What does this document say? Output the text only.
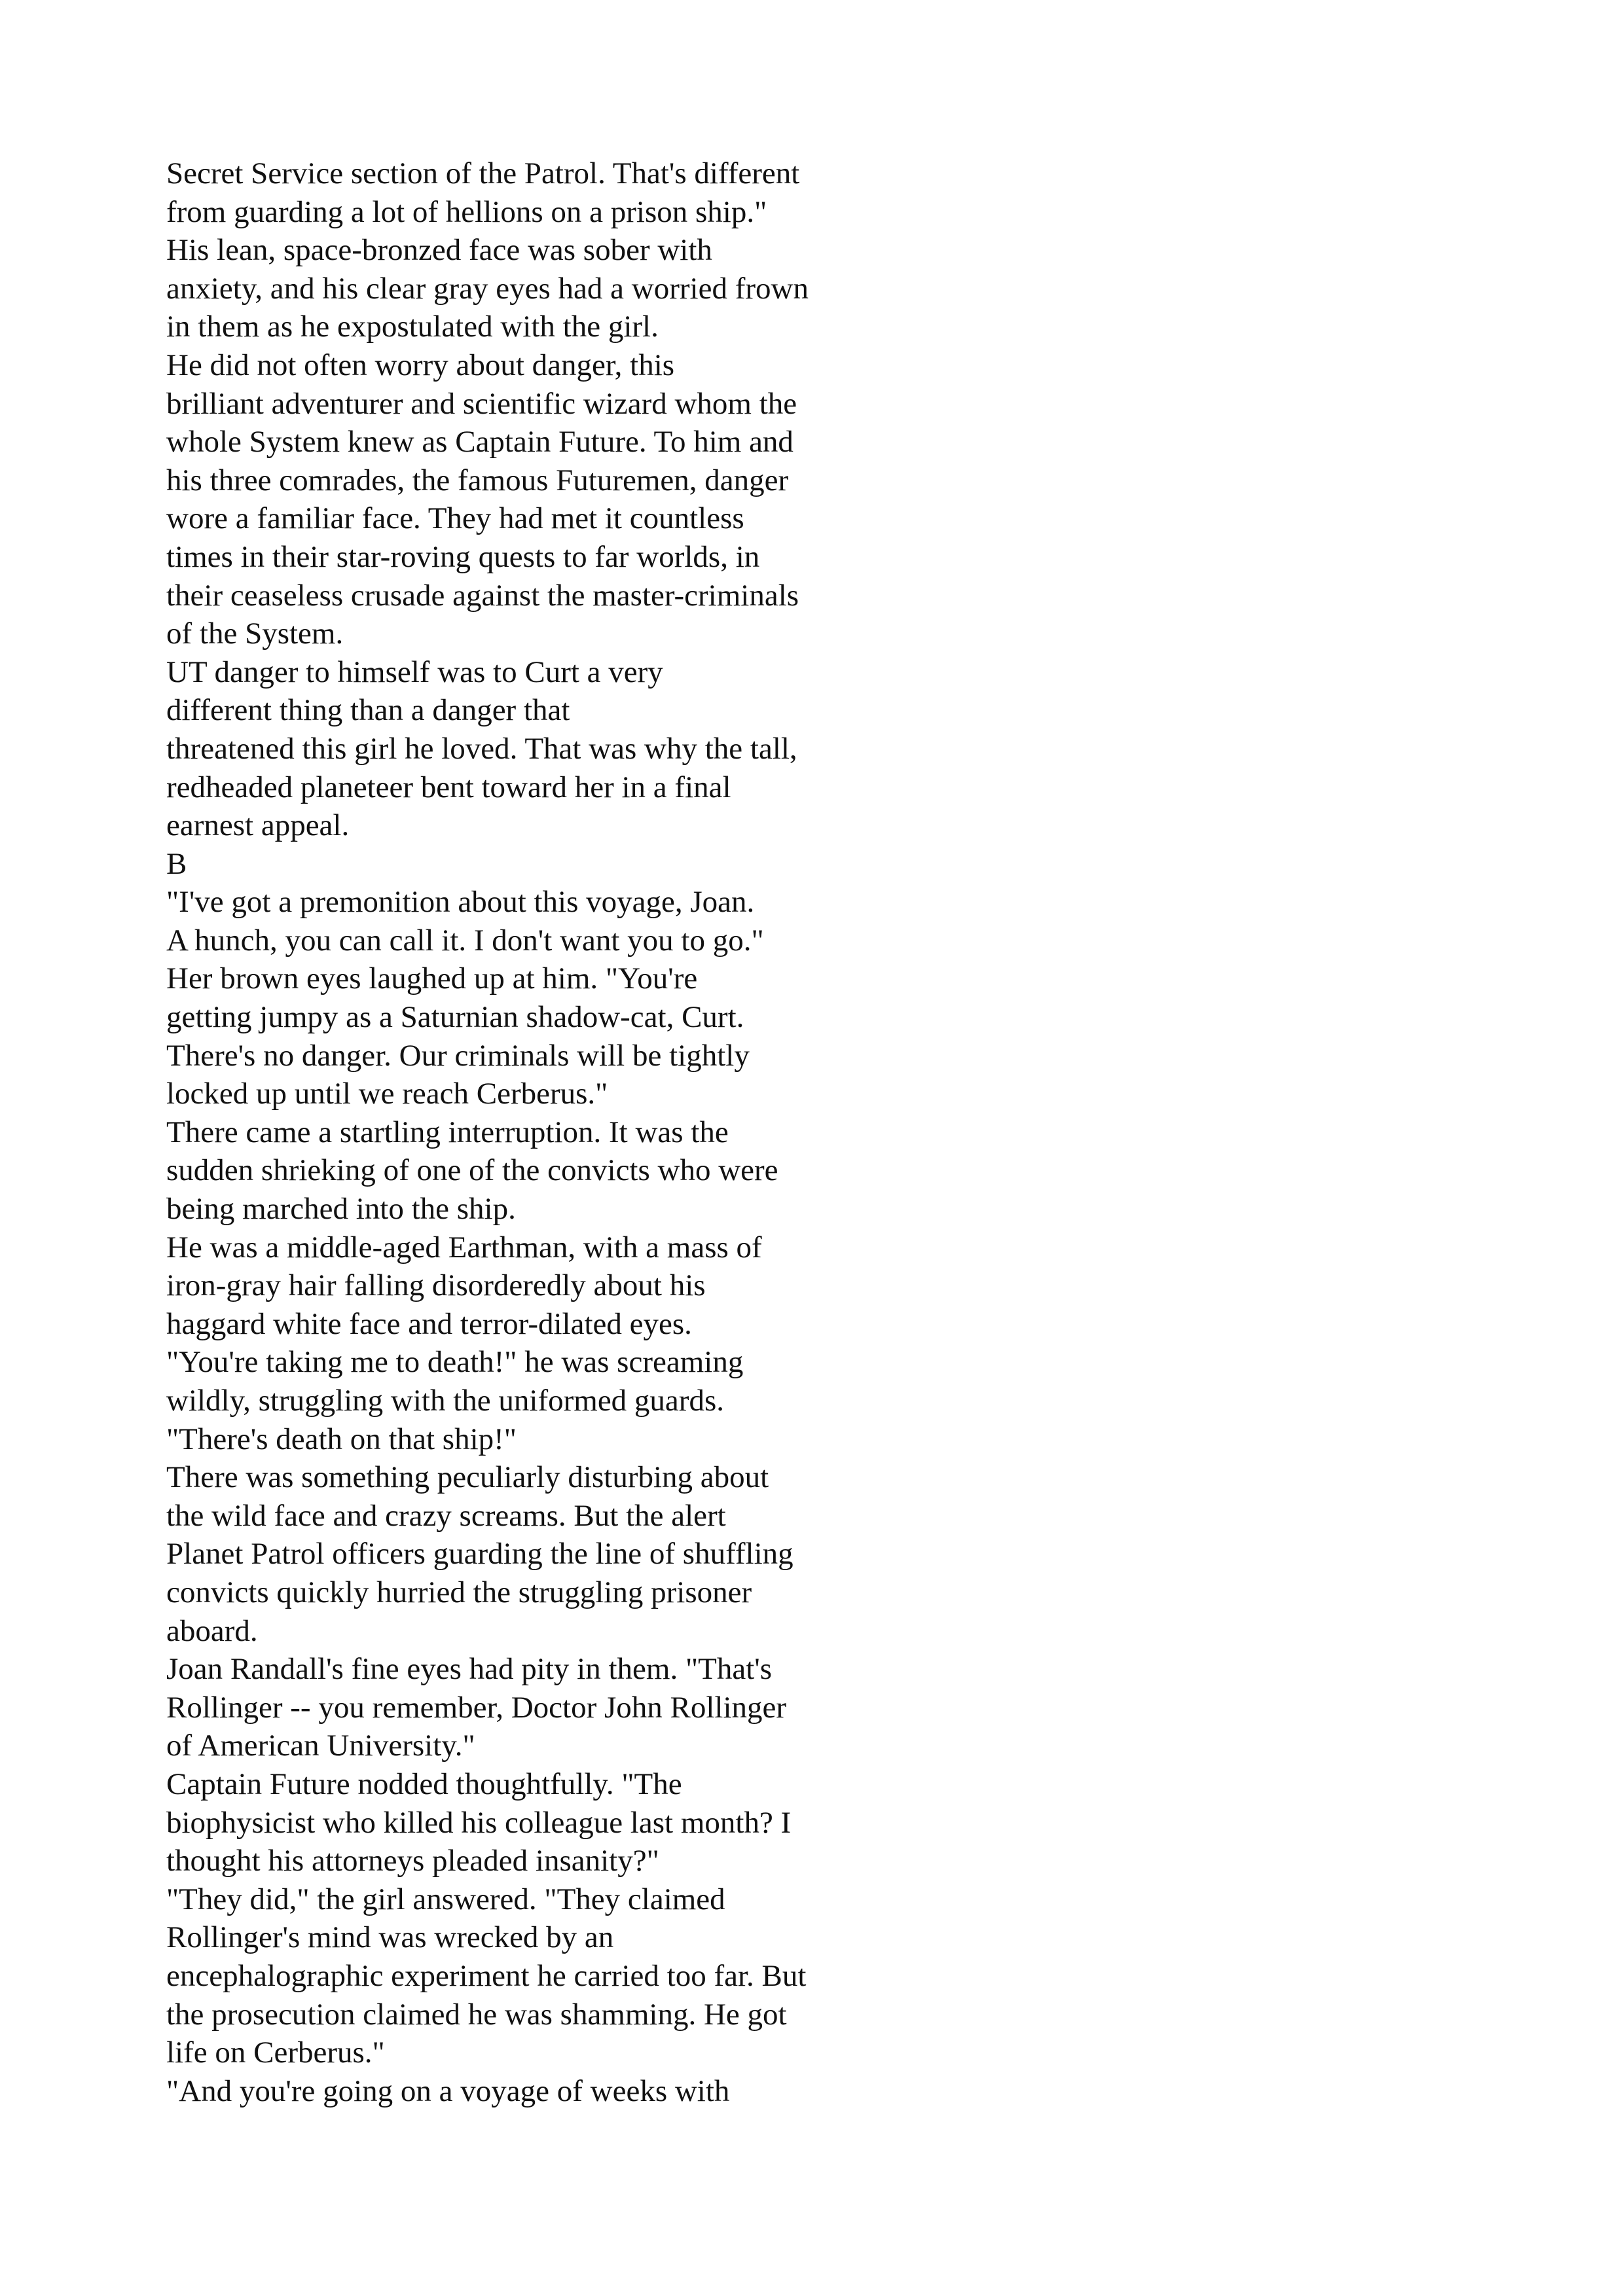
Secret Service section of the Patrol. That's different
from guarding a lot of hellions on a prison ship."
His lean, space-bronzed face was sober with
anxiety, and his clear gray eyes had a worried frown
in them as he expostulated with the girl.
He did not often worry about danger, this
brilliant adventurer and scientific wizard whom the
whole System knew as Captain Future. To him and
his three comrades, the famous Futuremen, danger
wore a familiar face. They had met it countless
times in their star-roving quests to far worlds, in
their ceaseless crusade against the master-criminals
of the System.
UT danger to himself was to Curt a very
different thing than a danger that
threatened this girl he loved. That was why the tall,
redheaded planeteer bent toward her in a final
earnest appeal.
B
"I've got a premonition about this voyage, Joan.
A hunch, you can call it. I don't want you to go."
Her brown eyes laughed up at him. "You're
getting jumpy as a Saturnian shadow-cat, Curt.
There's no danger. Our criminals will be tightly
locked up until we reach Cerberus."
There came a startling interruption. It was the
sudden shrieking of one of the convicts who were
being marched into the ship.
He was a middle-aged Earthman, with a mass of
iron-gray hair falling disorderedly about his
haggard white face and terror-dilated eyes.
"You're taking me to death!" he was screaming
wildly, struggling with the uniformed guards.
"There's death on that ship!"
There was something peculiarly disturbing about
the wild face and crazy screams. But the alert
Planet Patrol officers guarding the line of shuffling
convicts quickly hurried the struggling prisoner
aboard.
Joan Randall's fine eyes had pity in them. "That's
Rollinger -- you remember, Doctor John Rollinger
of American University."
Captain Future nodded thoughtfully. "The
biophysicist who killed his colleague last month? I
thought his attorneys pleaded insanity?"
"They did," the girl answered. "They claimed
Rollinger's mind was wrecked by an
encephalographic experiment he carried too far. But
the prosecution claimed he was shamming. He got
life on Cerberus."
"And you're going on a voyage of weeks with
